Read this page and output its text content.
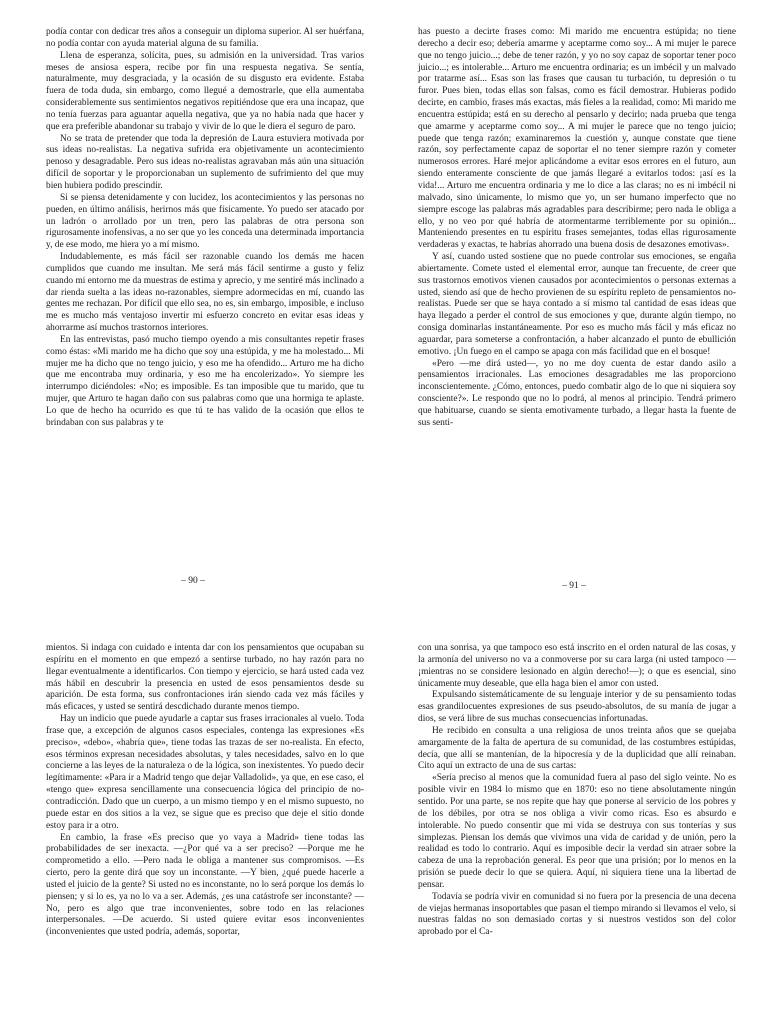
podía contar con dedicar tres años a conseguir un diploma superior. Al ser huérfana, no podía contar con ayuda material alguna de su familia.

Llena de esperanza, solícita, pues, su admisión en la universidad. Tras varios meses de ansiosa espera, recibe por fin una respuesta negativa. Se sentía, naturalmente, muy desgraciada, y la ocasión de su disgusto era evidente. Estaba fuera de toda duda, sin embargo, como llegué a demostrarle, que ella aumentaba considerablemente sus sentimientos negativos repitiéndose que era una incapaz, que no tenía fuerzas para aguantar aquella negativa, que ya no había nada que hacer y que era preferible abandonar su trabajo y vivir de lo que le diera el seguro de paro.

No se trata de pretender que toda la depresión de Laura estuviera motivada por sus ideas no-realistas. La negativa sufrida era objetivamente un acontecimiento penoso y desagradable. Pero sus ideas no-realistas agravaban más aún una situación difícil de soportar y le proporcionaban un suplemento de sufrimiento del que muy bien hubiera podido prescindir.

Si se piensa detenidamente y con lucidez, los acontecimientos y las personas no pueden, en último análisis, herirnos más que físicamente. Yo puedo ser atacado por un ladrón o arrollado por un tren, pero las palabras de otra persona son rigurosamente inofensivas, a no ser que yo les conceda una determinada importancia y, de ese modo, me hiera yo a mí mismo.

Indudablemente, es más fácil ser razonable cuando los demás me hacen cumplidos que cuando me insultan. Me será más fácil sentirme a gusto y feliz cuando mi entorno me da muestras de estima y aprecio, y me sentiré más inclinado a dar rienda suelta a las ideas no-razonables, siempre adormecidas en mí, cuando las gentes me rechazan. Por difícil que ello sea, no es, sin embargo, imposible, e incluso me es mucho más ventajoso invertir mi esfuerzo concreto en evitar esas ideas y ahorrarme así muchos trastornos interiores.

En las entrevistas, pasó mucho tiempo oyendo a mis consultantes repetir frases como éstas: «Mi marido me ha dicho que soy una estúpida, y me ha molestado... Mi mujer me ha dicho que no tengo juicio, y eso me ha ofendido... Arturo me ha dicho que me encontraba muy ordinaria, y eso me ha encolerizado». Yo siempre les interrumpo diciéndoles: «No; es imposible. Es tan imposible que tu marido, que tu mujer, que Arturo te hagan daño con sus palabras como que una hormiga te aplaste. Lo que de hecho ha ocurrido es que tú te has valido de la ocasión que ellos te brindaban con sus palabras y te

– 90 –

has puesto a decirte frases como: Mi marido me encuentra estúpida; no tiene derecho a decir eso; debería amarme y aceptarme como soy... A mi mujer le parece que no tengo juicio...; debe de tener razón, y yo no soy capaz de soportar tener poco juicio...; es intolerable... Arturo me encuentra ordinaria; es un imbécil y un malvado por tratarme así... Esas son las frases que causan tu turbación, tu depresión o tu furor. Pues bien, todas ellas son falsas, como es fácil demostrar. Hubieras podido decirte, en cambio, frases más exactas, más fieles a la realidad, como: Mi marido me encuentra estúpida; está en su derecho al pensarlo y decirlo; nada prueba que tenga que amarme y aceptarme como soy... A mi mujer le parece que no tengo juicio; puede que tenga razón; examinaremos la cuestión y, aunque constate que tiene razón, soy perfectamente capaz de soportar el no tener siempre razón y cometer numerosos errores. Haré mejor aplicándome a evitar esos errores en el futuro, aun siendo enteramente consciente de que jamás llegaré a evitarlos todos: ¡así es la vida!... Arturo me encuentra ordinaria y me lo dice a las claras; no es ni imbécil ni malvado, sino únicamente, lo mismo que yo, un ser humano imperfecto que no siempre escoge las palabras más agradables para describirme; pero nada le obliga a ello, y no veo por qué habría de atormentarme terriblemente por su opinión... Manteniendo presentes en tu espíritu frases semejantes, todas ellas rigurosamente verdaderas y exactas, te habrías ahorrado una buena dosis de desazones emotivas».

Y así, cuando usted sostiene que no puede controlar sus emociones, se engaña abiertamente. Comete usted el elemental error, aunque tan frecuente, de creer que sus trastornos emotivos vienen causados por acontecimientos o personas externas a usted, siendo así que de hecho provienen de su espíritu repleto de pensamientos no-realistas. Puede ser que se haya contado a sí mismo tal cantidad de esas ideas que haya llegado a perder el control de sus emociones y que, durante algún tiempo, no consiga dominarlas instantáneamente. Por eso es mucho más fácil y más eficaz no aguardar, para someterse a confrontación, a haber alcanzado el punto de ebullición emotivo. ¡Un fuego en el campo se apaga con más facilidad que en el bosque!

«Pero —me dirá usted—, yo no me doy cuenta de estar dando asilo a pensamientos irracionales. Las emociones desagradables me las proporciono inconscientemente. ¿Cómo, entonces, puedo combatir algo de lo que ni siquiera soy consciente?». Le respondo que no lo podrá, al menos al principio. Tendrá primero que habituarse, cuando se sienta emotivamente turbado, a llegar hasta la fuente de sus senti-

– 91 –

mientos. Si indaga con cuidado e intenta dar con los pensamientos que ocupaban su espíritu en el momento en que empezó a sentirse turbado, no hay razón para no llegar eventualmente a identificarlos. Con tiempo y ejercicio, se hará usted cada vez más hábil en descubrir la presencia en usted de esos pensamientos desde su aparición. De esta forma, sus confrontaciones irán siendo cada vez más fáciles y más eficaces, y usted se sentirá descdichado durante menos tiempo.

Hay un indicio que puede ayudarle a captar sus frases irracionales al vuelo. Toda frase que, a excepción de algunos casos especiales, contenga las expresiones «Es preciso», «debo», «habría que», tiene todas las trazas de ser no-realista. En efecto, esos términos expresan necesidades absolutas, y tales necesidades, salvo en lo que concierne a las leyes de la naturaleza o de la lógica, son inexistentes. Yo puedo decir legítimamente: «Para ir a Madrid tengo que dejar Valladolid», ya que, en ese caso, el «tengo que» expresa sencillamente una consecuencia lógica del principio de no-contradicción. Dado que un cuerpo, a un mismo tiempo y en el mismo supuesto, no puede estar en dos sitios a la vez, se sigue que es preciso que deje el sitio donde estoy para ir a otro.

En cambio, la frase «Es preciso que yo vaya a Madrid» tiene todas las probabilidades de ser inexacta. —¿Por qué va a ser preciso? —Porque me he comprometido a ello. —Pero nada le obliga a mantener sus compromisos. —Es cierto, pero la gente dirá que soy un inconstante. —Y bien, ¿qué puede hacerle a usted el juicio de la gente? Si usted no es inconstante, no lo será porque los demás lo piensen; y si lo es, ya no lo va a ser. Además, ¿es una catástrofe ser inconstante? —No, pero es algo que trae inconvenientes, sobre todo en las relaciones interpersonales. —De acuerdo. Si usted quiere evitar esos inconvenientes (inconvenientes que usted podría, además, soportar,

con una sonrisa, ya que tampoco eso está inscrito en el orden natural de las cosas, y la armonía del universo no va a conmoverse por su cara larga (ni usted tampoco —¡mientras no se considere lesionado en algún derecho!—); o que es esencial, sino únicamente muy deseable, que ella haga bien el amor con usted.

Expulsando sistemáticamente de su lenguaje interior y de su pensamiento todas esas grandilocuentes expresiones de sus pseudo-absolutos, de su manía de jugar a dios, se verá libre de sus muchas consecuencias infortunadas.

He recibido en consulta a una religiosa de unos treinta años que se quejaba amargamente de la falta de apertura de su comunidad, de las costumbres estúpidas, decía, que allí se mantenían, de la hipocresía y de la duplicidad que allí reinaban. Cito aquí un extracto de una de sus cartas:

«Sería preciso al menos que la comunidad fuera al paso del siglo veinte. No es posible vivir en 1984 lo mismo que en 1870: eso no tiene absolutamente ningún sentido. Por una parte, se nos repite que hay que ponerse al servicio de los pobres y de los débiles, por otra se nos obliga a vivir como ricas. Eso es absurdo e intolerable. No puedo consentir que mi vida se destruya con sus tonterías y sus simplezas. Piensan los demás que vivimos una vida de caridad y de unión, pero la realidad es todo lo contrario. Aquí es imposible decir la verdad sin atraer sobre la cabeza de una la reprobación general. Es peor que una prisión; por lo menos en la prisión se puede decir lo que se quiera. Aquí, ni siquiera tiene una la libertad de pensar.

Todavía se podría vivir en comunidad si no fuera por la presencia de una decena de viejas hermanas insoportables que pasan el tiempo mirando si llevamos el velo, si nuestras faldas no son demasiado cortas y si nuestros vestidos son del color aprobado por el Ca-
